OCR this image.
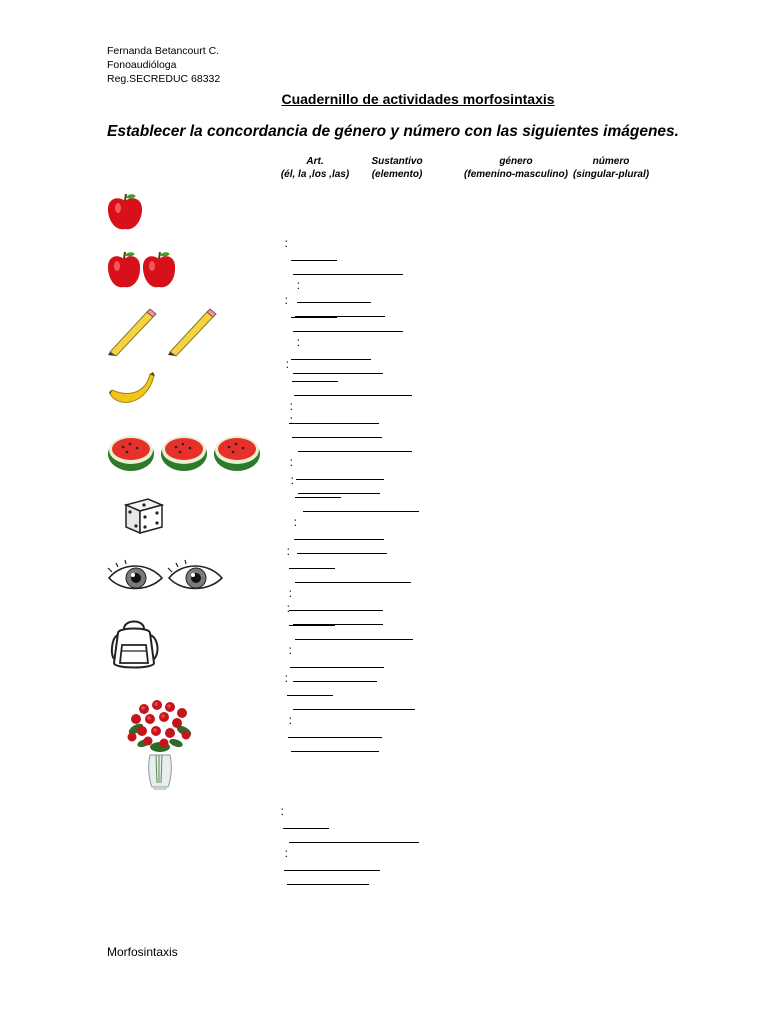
Fernanda Betancourt C.
Fonoaudióloga
Reg.SECREDUC 68332
Cuadernillo de actividades morfosintaxis
Establecer la concordancia de género y número con las siguientes imágenes.
Art.
(él, la ,los ,las)
Sustantivo
(elemento)
género
(femenino-masculino)
número
(singular-plural)

:

:

:

:

:

:

:

:

:

:

:

:

:

:

:

:

:

:

Morfosintaxis
